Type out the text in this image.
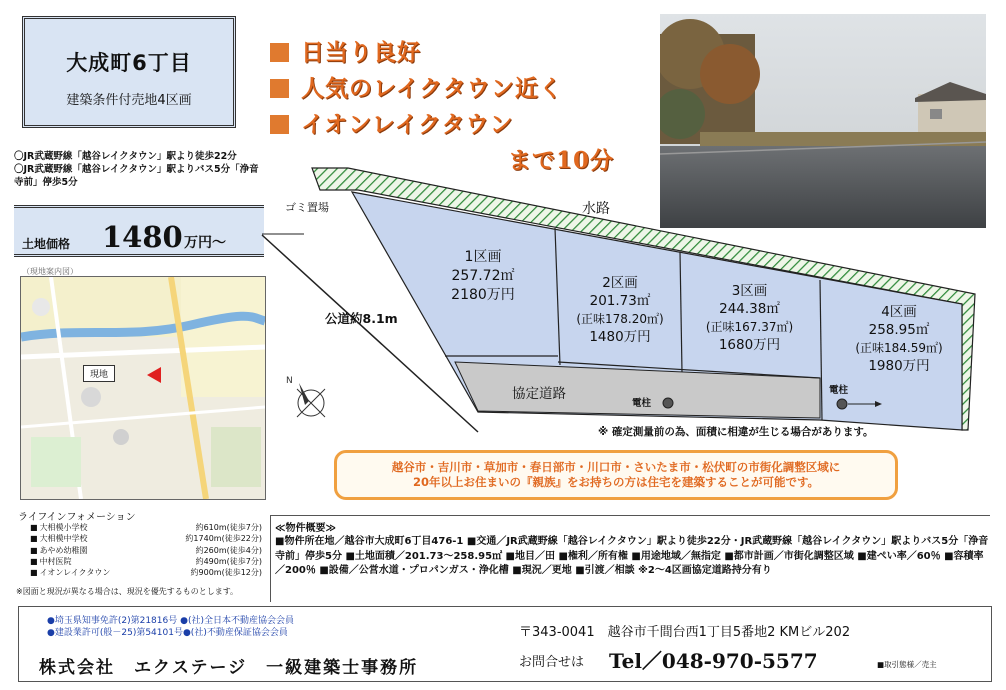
大成町6丁目
建築条件付売地4区画
〇JR武蔵野線「越谷レイクタウン」駅より徒歩22分
〇JR武蔵野線「越谷レイクタウン」駅よりバス5分「浄音寺前」停歩5分
土地価格 1480 万円～
（現地案内図）
現地
ライフインフォメーション
■ 大相模小学校	約610m(徒歩7分)
■ 大相模中学校	約1740m(徒歩22分)
■ あやめ幼稚園	約260m(徒歩4分)
■ 中村医院	約490m(徒歩7分)
■ イオンレイクタウン	約900m(徒歩12分)
※図面と現況が異なる場合は、現況を優先するものとします。
日当り良好
人気のレイクタウン近く
イオンレイクタウン
まで10分
N
ゴミ置場	水路
公道約8.1m
協定道路
電柱
電柱
1区画
257.72㎡
2180万円
2区画
201.73㎡
(正味178.20㎡)
1480万円
3区画
244.38㎡
(正味167.37㎡)
1680万円
4区画
258.95㎡
(正味184.59㎡)
1980万円
※ 確定測量前の為、面積に相違が生じる場合があります。
越谷市・吉川市・草加市・春日部市・川口市・さいたま市・松伏町の市街化調整区域に
20年以上お住まいの『親族』をお持ちの方は住宅を建築することが可能です。
≪物件概要≫
■物件所在地／越谷市大成町6丁目476-1 ■交通／JR武蔵野線「越谷レイクタウン」駅より徒歩22分・JR武蔵野線「越谷レイクタウン」駅よりバス5分「浄音寺前」停歩5分 ■土地面積／201.73～258.95㎡ ■地目／田 ■権利／所有権 ■用途地域／無指定 ■都市計画／市街化調整区域 ■建ぺい率／60％ ■容積率／200％ ■設備／公営水道・プロパンガス・浄化槽 ■現況／更地 ■引渡／相談 ※2～4区画協定道路持分有り
●埼玉県知事免許(2)第21816号 ●(社)全日本不動産協会会員
●建設業許可(般－25)第54101号●(社)不動産保証協会会員
株式会社　エクステージ　一級建築士事務所
〒343-0041　越谷市千間台西1丁目5番地2 KMビル202
お問合せは Tel／048-970-5577	■取引態様／売主
